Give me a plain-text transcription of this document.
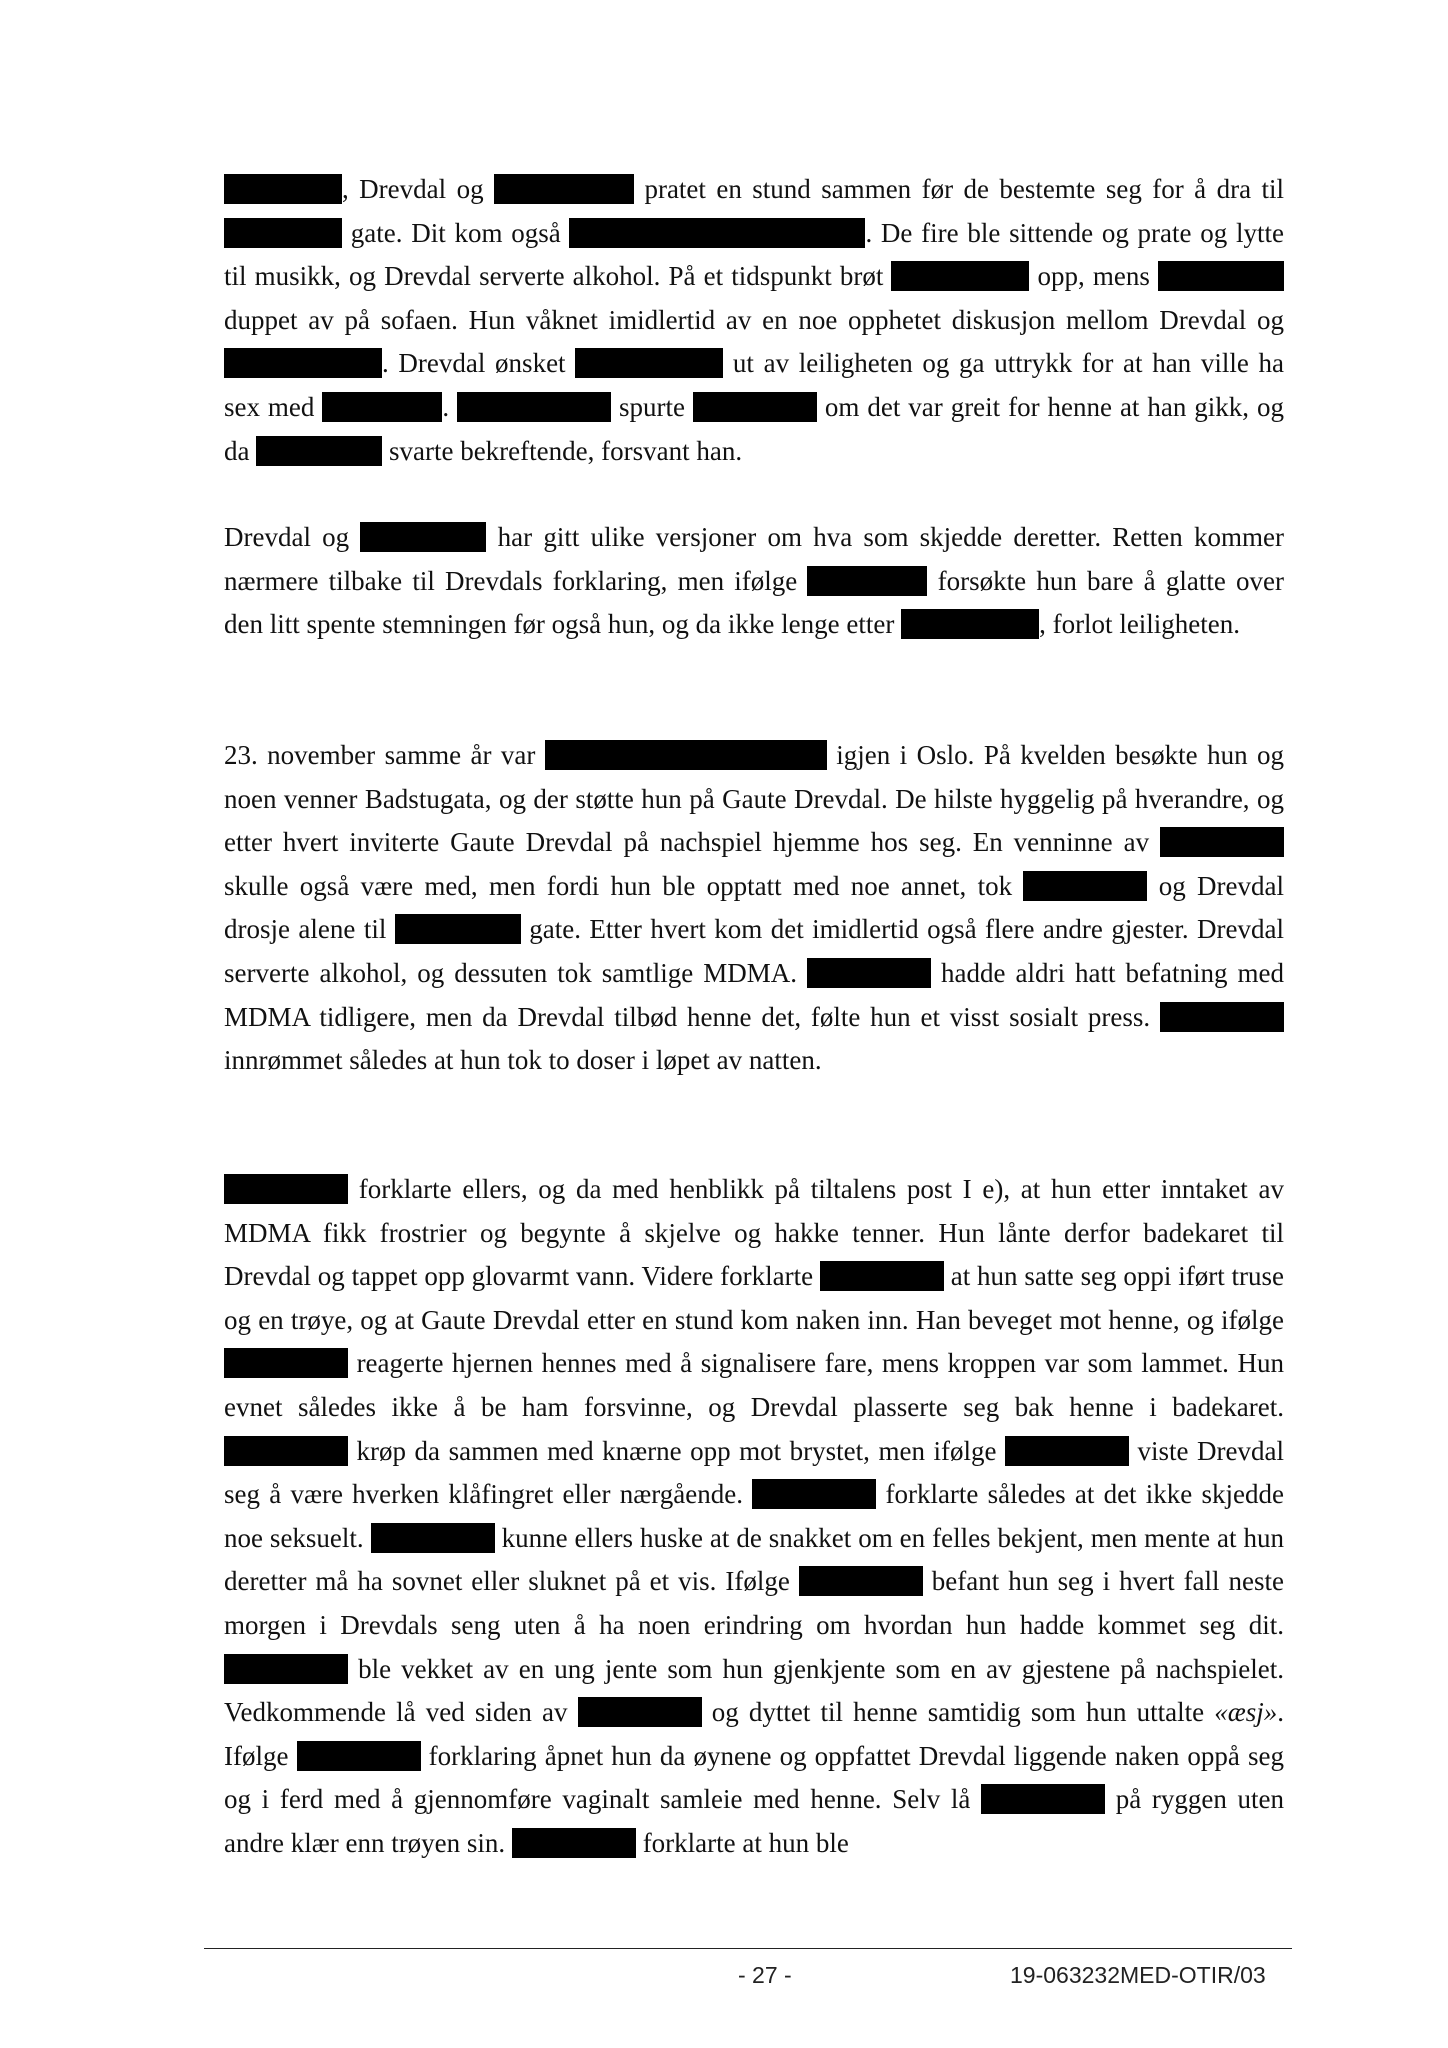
, Drevdal og	pratet en stund sammen før de bestemte seg for å dra til  gate. Dit kom også	. De fire ble sittende og prate og lytte til musikk, og Drevdal serverte alkohol. På et tidspunkt brøt	opp, mens  duppet av på sofaen. Hun våknet imidlertid av en noe opphetet diskusjon mellom Drevdal og . Drevdal ønsket	ut av leiligheten og ga uttrykk for at han ville ha sex med	.	spurte	om det var greit for henne at han gikk, og da	svarte bekreftende, forsvant han.

Drevdal og	har gitt ulike versjoner om hva som skjedde deretter. Retten kommer nærmere tilbake til Drevdals forklaring, men ifølge	forsøkte hun bare å glatte over den litt spente stemningen før også hun, og da ikke lenge etter	, forlot leiligheten.

23. november samme år var	igjen i Oslo. På kvelden besøkte hun og noen venner Badstugata, og der støtte hun på Gaute Drevdal. De hilste hyggelig på hverandre, og etter hvert inviterte Gaute Drevdal på nachspiel hjemme hos seg. En venninne av  skulle også være med, men fordi hun ble opptatt med noe annet, tok	og Drevdal drosje alene til	gate. Etter hvert kom det imidlertid også flere andre gjester. Drevdal serverte alkohol, og dessuten tok samtlige MDMA.	hadde aldri hatt befatning med MDMA tidligere, men da Drevdal tilbød henne det, følte hun et visst sosialt press.  innrømmet således at hun tok to doser i løpet av natten.

forklarte ellers, og da med henblikk på tiltalens post I e), at hun etter inntaket av MDMA fikk frostrier og begynte å skjelve og hakke tenner. Hun lånte derfor badekaret til Drevdal og tappet opp glovarmt vann. Videre forklarte	at hun satte seg oppi iført truse og en trøye, og at Gaute Drevdal etter en stund kom naken inn. Han beveget mot henne, og ifølge  reagerte hjernen hennes med å signalisere fare, mens kroppen var som lammet. Hun evnet således ikke å be ham forsvinne, og Drevdal plasserte seg bak henne i badekaret.  krøp da sammen med knærne opp mot brystet, men ifølge	viste Drevdal seg å være hverken klåfingret eller nærgående.	forklarte således at det ikke skjedde noe seksuelt.	kunne ellers huske at de snakket om en felles bekjent, men mente at hun deretter må ha sovnet eller sluknet på et vis. Ifølge	befant hun seg i hvert fall neste morgen i Drevdals seng uten å ha noen erindring om hvordan hun hadde kommet seg dit.  ble vekket av en ung jente som hun gjenkjente som en av gjestene på nachspielet. Vedkommende lå ved siden av	og dyttet til henne samtidig som hun uttalte «æsj». Ifølge	forklaring åpnet hun da øynene og oppfattet Drevdal liggende naken oppå seg og i ferd med å gjennomføre vaginalt samleie med henne. Selv lå	på ryggen uten andre klær enn trøyen sin.	forklarte at hun ble

- 27 -	19-063232MED-OTIR/03
